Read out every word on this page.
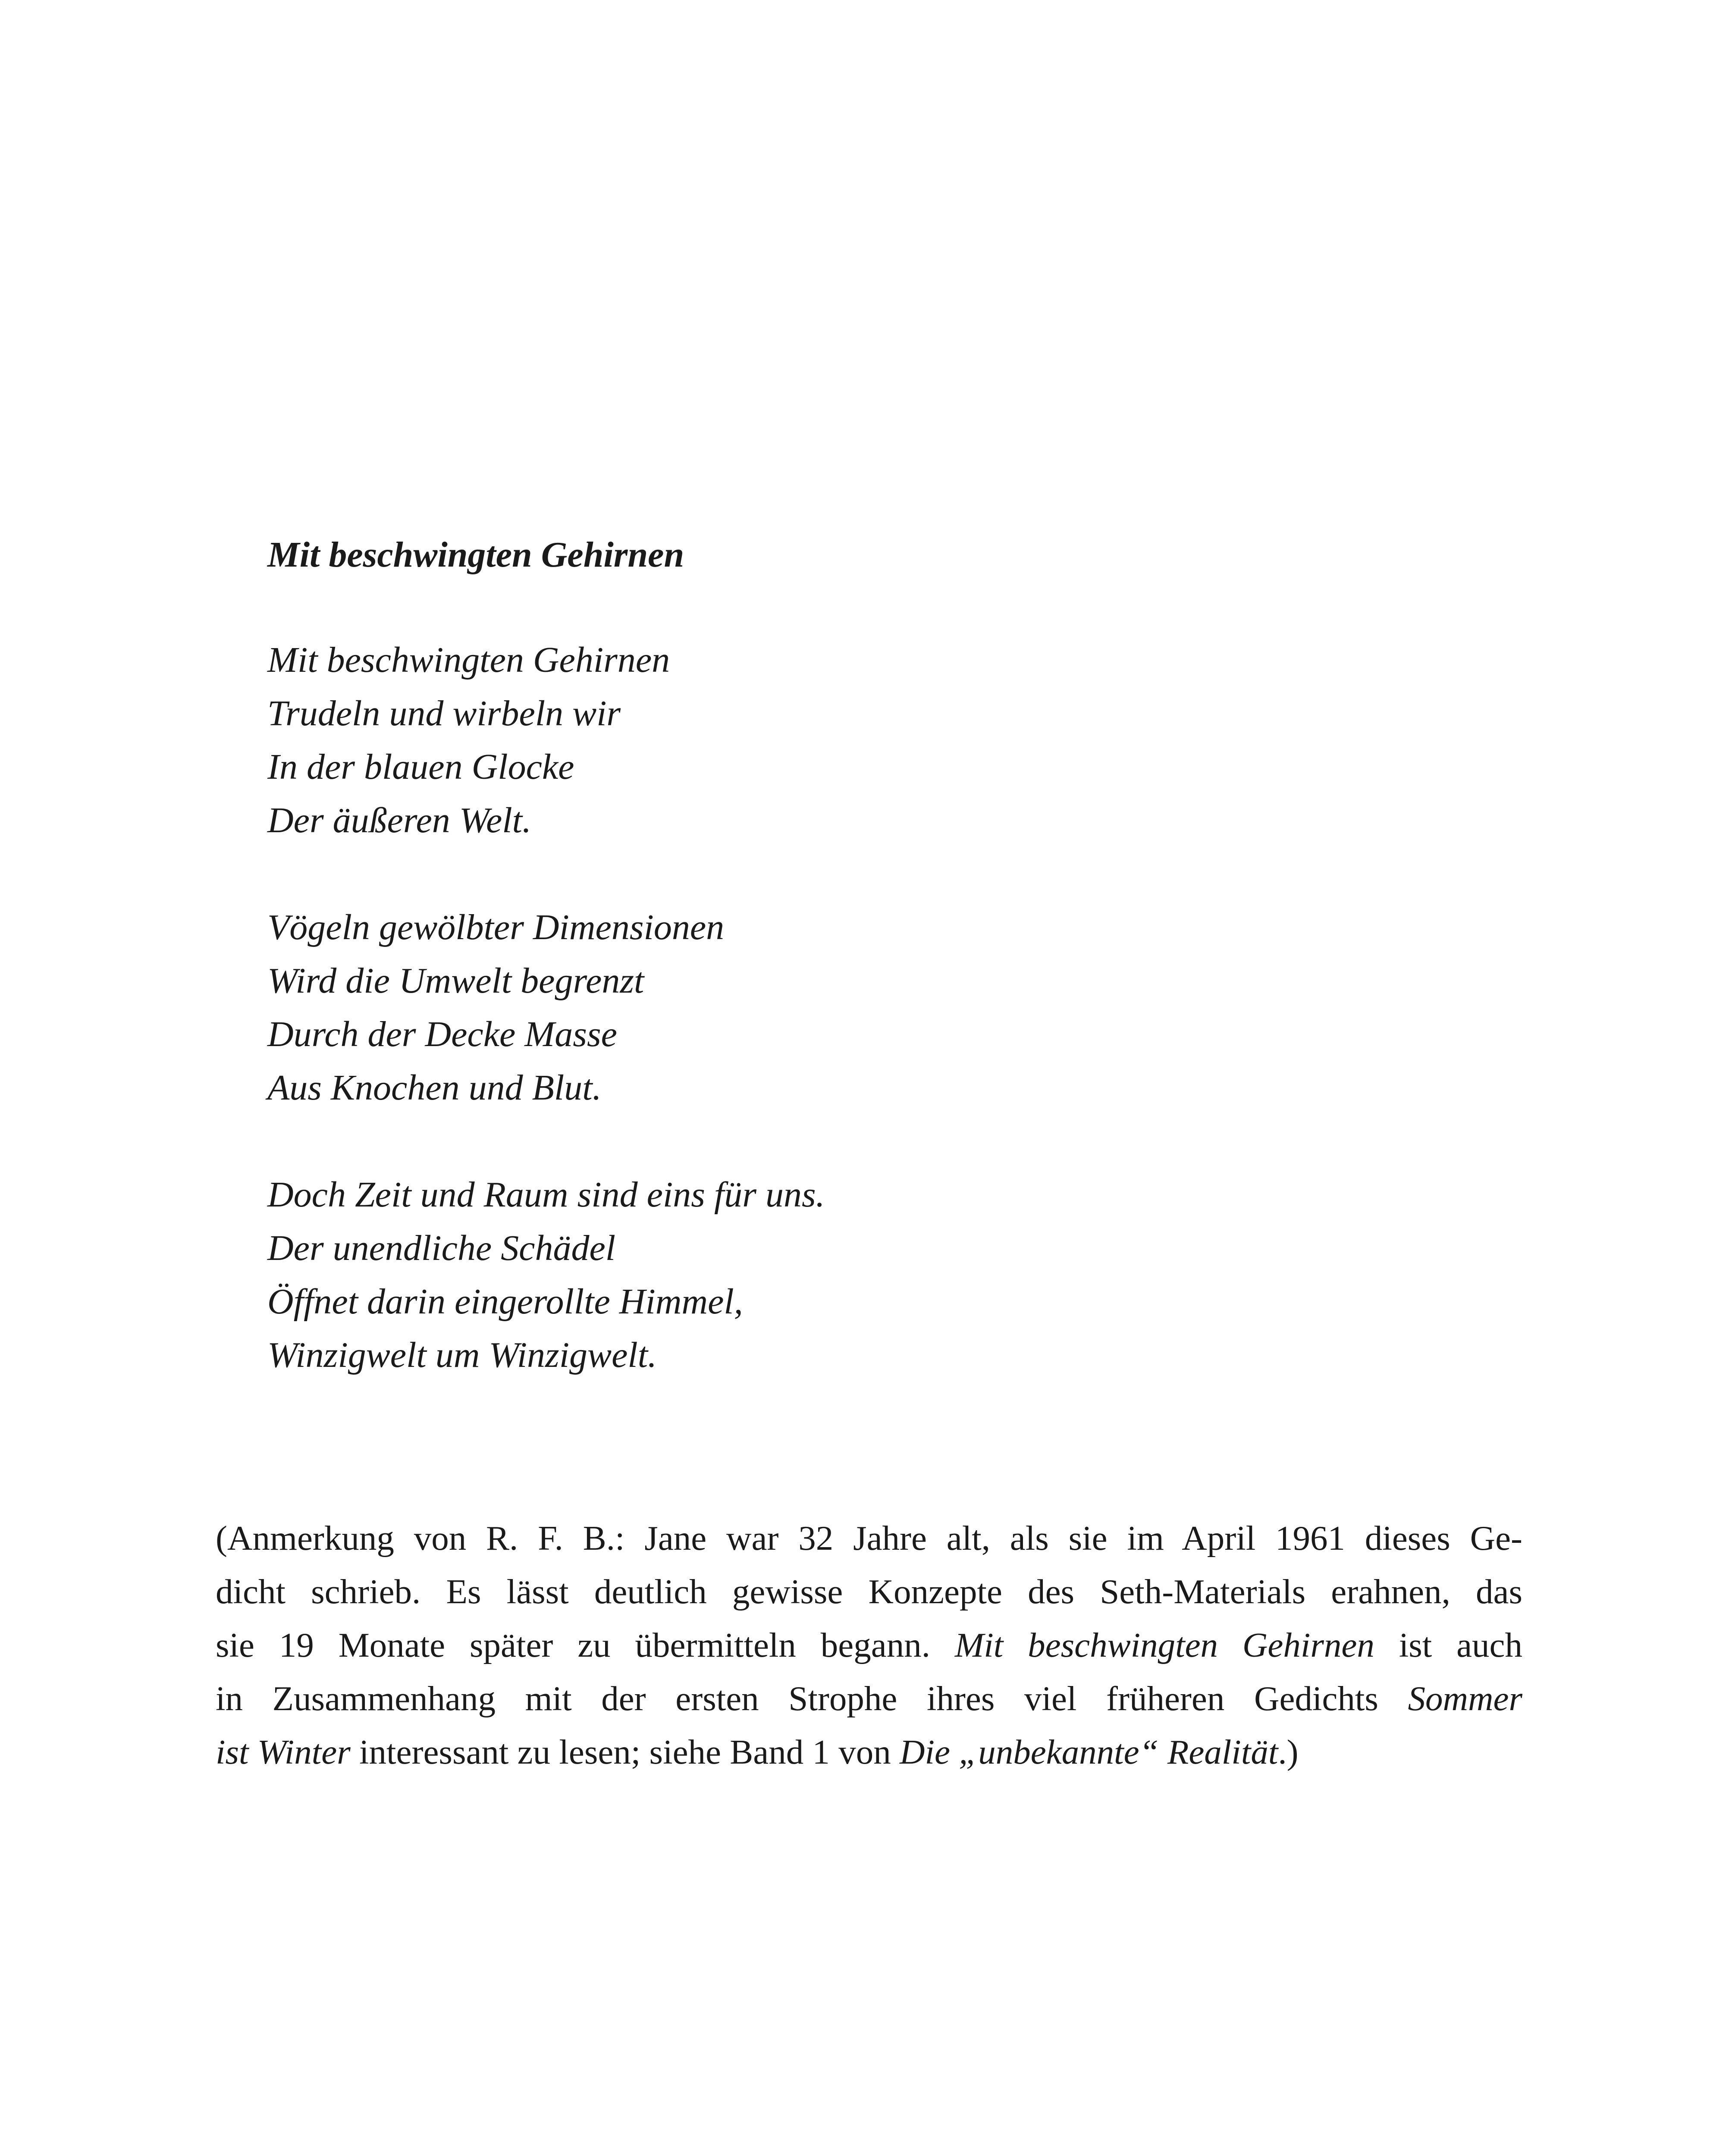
Mit beschwingten Gehirnen
Mit beschwingten Gehirnen
Trudeln und wirbeln wir
In der blauen Glocke
Der äußeren Welt.
Vögeln gewölbter Dimensionen
Wird die Umwelt begrenzt
Durch der Decke Masse
Aus Knochen und Blut.
Doch Zeit und Raum sind eins für uns.
Der unendliche Schädel
Öffnet darin eingerollte Himmel,
Winzigwelt um Winzigwelt.
(Anmerkung von R. F. B.: Jane war 32 Jahre alt, als sie im April 1961 dieses Ge-
dicht schrieb. Es lässt deutlich gewisse Konzepte des Seth-Materials erahnen, das
sie 19 Monate später zu übermitteln begann. Mit beschwingten Gehirnen ist auch
in Zusammenhang mit der ersten Strophe ihres viel früheren Gedichts Sommer
ist Winter interessant zu lesen; siehe Band 1 von Die „unbekannte“ Realität.)
